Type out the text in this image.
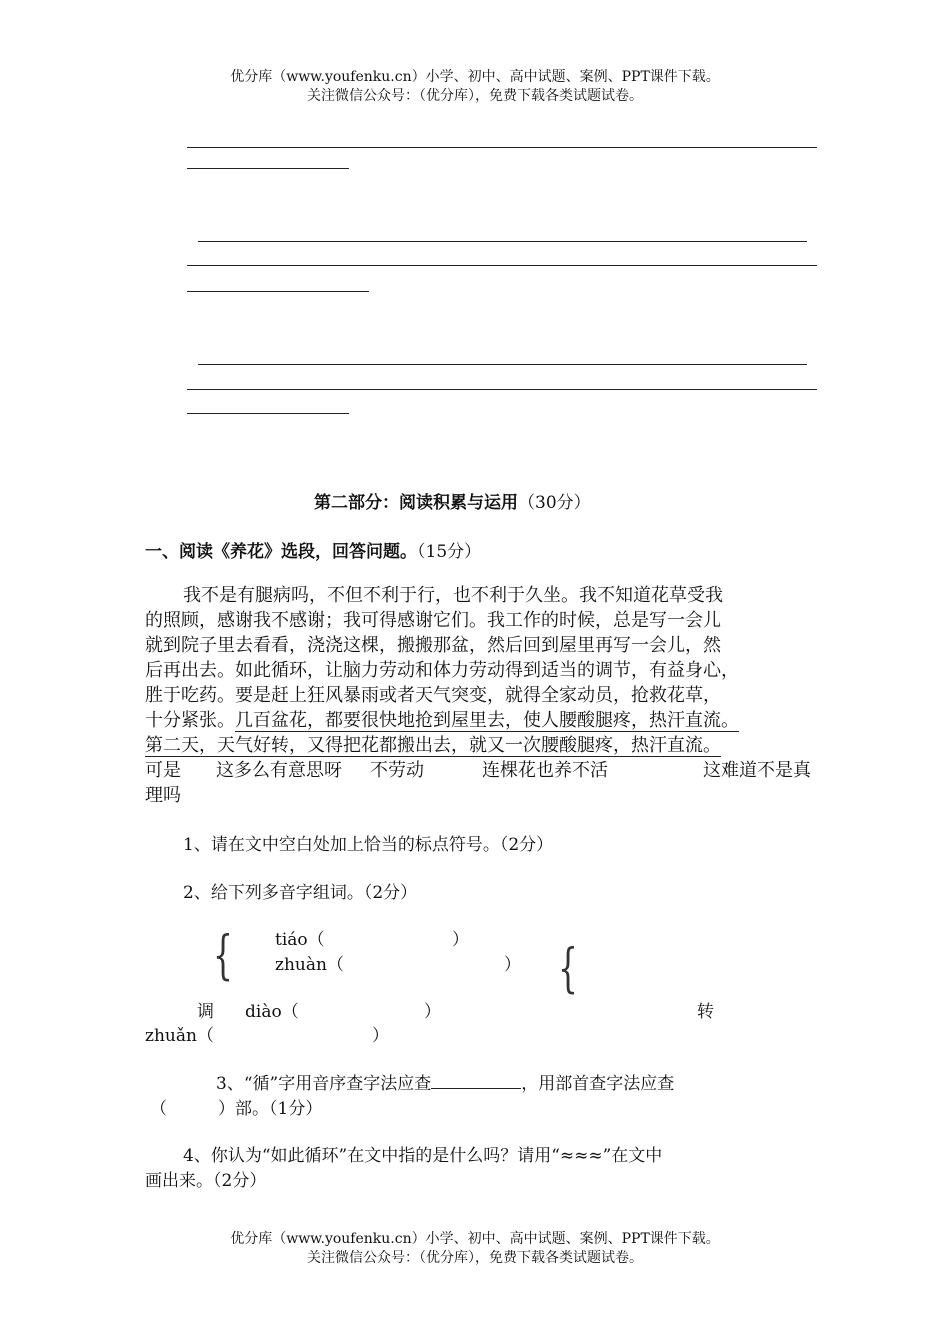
优分库（www.youfenku.cn）小学、初中、高中试题、案例、PPT课件下载。
关注微信公众号：（优分库），免费下载各类试题试卷。
第二部分：阅读积累与运用（30分）
一、阅读《养花》选段，回答问题。（15分）
我不是有腿病吗，不但不利于行，也不利于久坐。我不知道花草受我
的照顾，感谢我不感谢；我可得感谢它们。我工作的时候，总是写一会儿
就到院子里去看看，浇浇这棵，搬搬那盆，然后回到屋里再写一会儿，然
后再出去。如此循环，让脑力劳动和体力劳动得到适当的调节，有益身心，
胜于吃药。要是赶上狂风暴雨或者天气突变，就得全家动员，抢救花草，
十分紧张。几百盆花，都要很快地抢到屋里去，使人腰酸腿疼，热汗直流。
第二天，天气好转，又得把花都搬出去，就又一次腰酸腿疼，热汗直流。
可是 这多么有意思呀 不劳动	连棵花也养不活	这难道不是真
理吗
1、请在文中空白处加上恰当的标点符号。（2分）
2、给下列多音字组词。（2分）
{	{
tiáo（	）
zhuàn（	）
调 diào（	）	转
zhuǎn（	）
3、“循”字用音序查字法应查	，用部首查字法应查
（　　　）部。（1分）
4、你认为“如此循环”在文中指的是什么吗？请用“≈≈≈”在文中
画出来。（2分）
优分库（www.youfenku.cn）小学、初中、高中试题、案例、PPT课件下载。
关注微信公众号：（优分库），免费下载各类试题试卷。
